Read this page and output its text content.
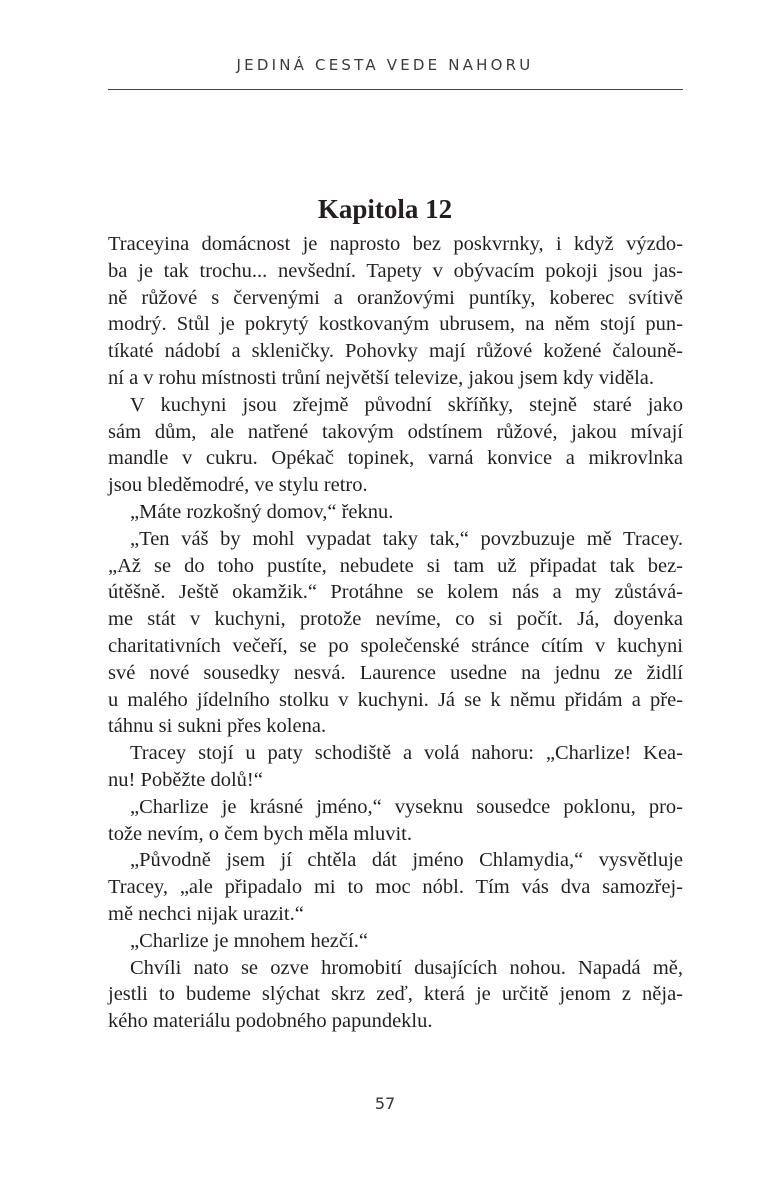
JEDINÁ CESTA VEDE NAHORU
Kapitola 12
Traceyina domácnost je naprosto bez poskvrnky, i když výzdo-
ba je tak trochu... nevšední. Tapety v obývacím pokoji jsou jas-
ně růžové s červenými a oranžovými puntíky, koberec svítivě
modrý. Stůl je pokrytý kostkovaným ubrusem, na něm stojí pun-
tíkaté nádobí a skleničky. Pohovky mají růžové kožené čalouně-
ní a v rohu místnosti trůní největší televize, jakou jsem kdy viděla.
V kuchyni jsou zřejmě původní skříňky, stejně staré jako
sám dům, ale natřené takovým odstínem růžové, jakou mívají
mandle v cukru. Opékač topinek, varná konvice a mikrovlnka
jsou bleděmodré, ve stylu retro.
„Máte rozkošný domov,“ řeknu.
„Ten váš by mohl vypadat taky tak,“ povzbuzuje mě Tracey.
„Až se do toho pustíte, nebudete si tam už připadat tak bez-
útěšně. Ještě okamžik.“ Protáhne se kolem nás a my zůstává-
me stát v kuchyni, protože nevíme, co si počít. Já, doyenka
charitativních večeří, se po společenské stránce cítím v kuchyni
své nové sousedky nesvá. Laurence usedne na jednu ze židlí
u malého jídelního stolku v kuchyni. Já se k němu přidám a pře-
táhnu si sukni přes kolena.
Tracey stojí u paty schodiště a volá nahoru: „Charlize! Kea-
nu! Poběžte dolů!“
„Charlize je krásné jméno,“ vyseknu sousedce poklonu, pro-
tože nevím, o čem bych měla mluvit.
„Původně jsem jí chtěla dát jméno Chlamydia,“ vysvětluje
Tracey, „ale připadalo mi to moc nóbl. Tím vás dva samozřej-
mě nechci nijak urazit.“
„Charlize je mnohem hezčí.“
Chvíli nato se ozve hromobití dusajících nohou. Napadá mě,
jestli to budeme slýchat skrz zeď, která je určitě jenom z něja-
kého materiálu podobného papundeklu.
57
